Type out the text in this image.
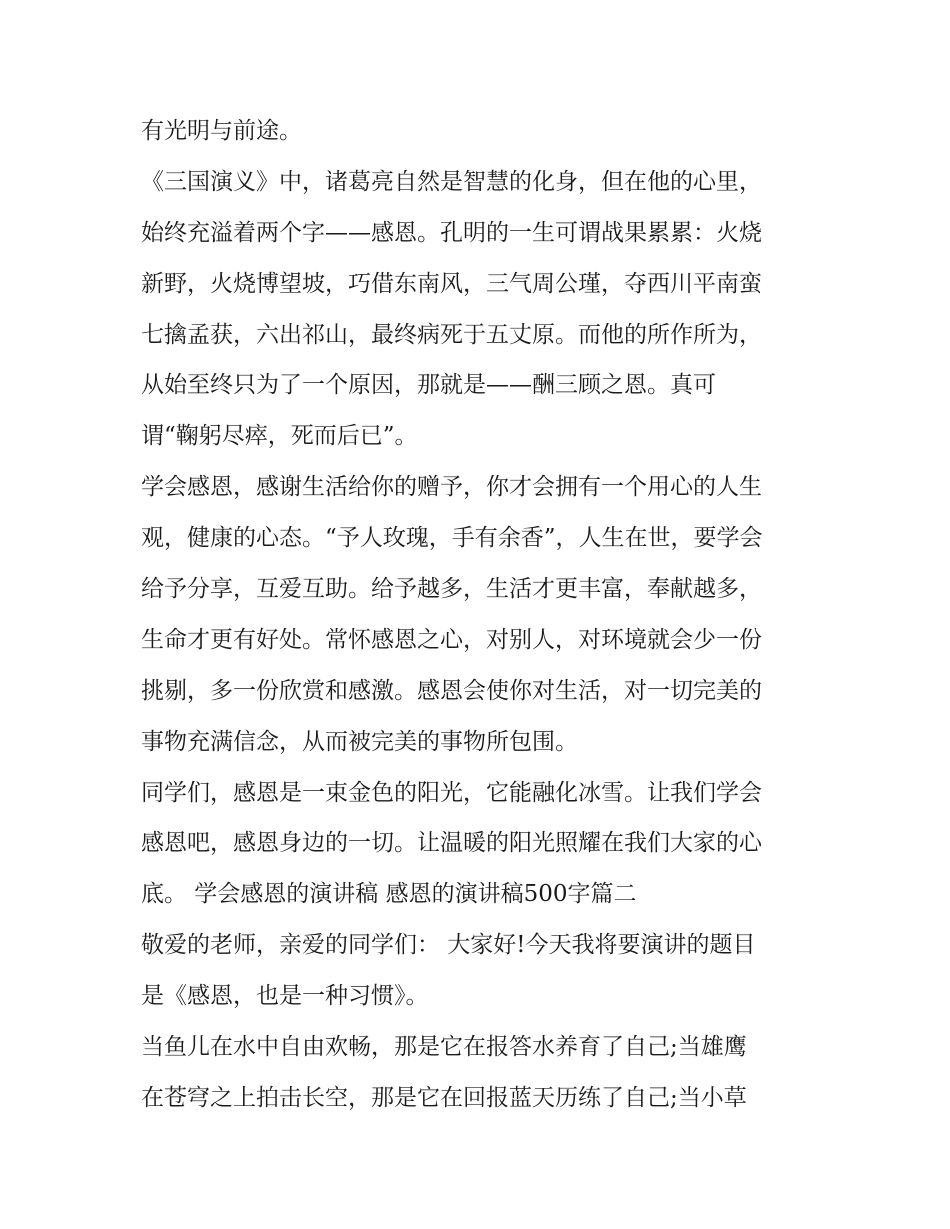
有光明与前途。
《三国演义》中，诸葛亮自然是智慧的化身，但在他的心里，
始终充溢着两个字——感恩。孔明的一生可谓战果累累：火烧
新野，火烧博望坡，巧借东南风，三气周公瑾，夺西川平南蛮
七擒孟获，六出祁山，最终病死于五丈原。而他的所作所为，
从始至终只为了一个原因，那就是——酬三顾之恩。真可
谓“鞠躬尽瘁，死而后已”。
学会感恩，感谢生活给你的赠予，你才会拥有一个用心的人生
观，健康的心态。“予人玫瑰，手有余香”，人生在世，要学会
给予分享，互爱互助。给予越多，生活才更丰富，奉献越多，
生命才更有好处。常怀感恩之心，对别人，对环境就会少一份
挑剔，多一份欣赏和感激。感恩会使你对生活，对一切完美的
事物充满信念，从而被完美的事物所包围。
同学们，感恩是一束金色的阳光，它能融化冰雪。让我们学会
感恩吧，感恩身边的一切。让温暖的阳光照耀在我们大家的心
底。 学会感恩的演讲稿 感恩的演讲稿500字篇二
敬爱的老师，亲爱的同学们： 大家好!今天我将要演讲的题目
是《感恩，也是一种习惯》。
当鱼儿在水中自由欢畅，那是它在报答水养育了自己;当雄鹰
在苍穹之上拍击长空，那是它在回报蓝天历练了自己;当小草
